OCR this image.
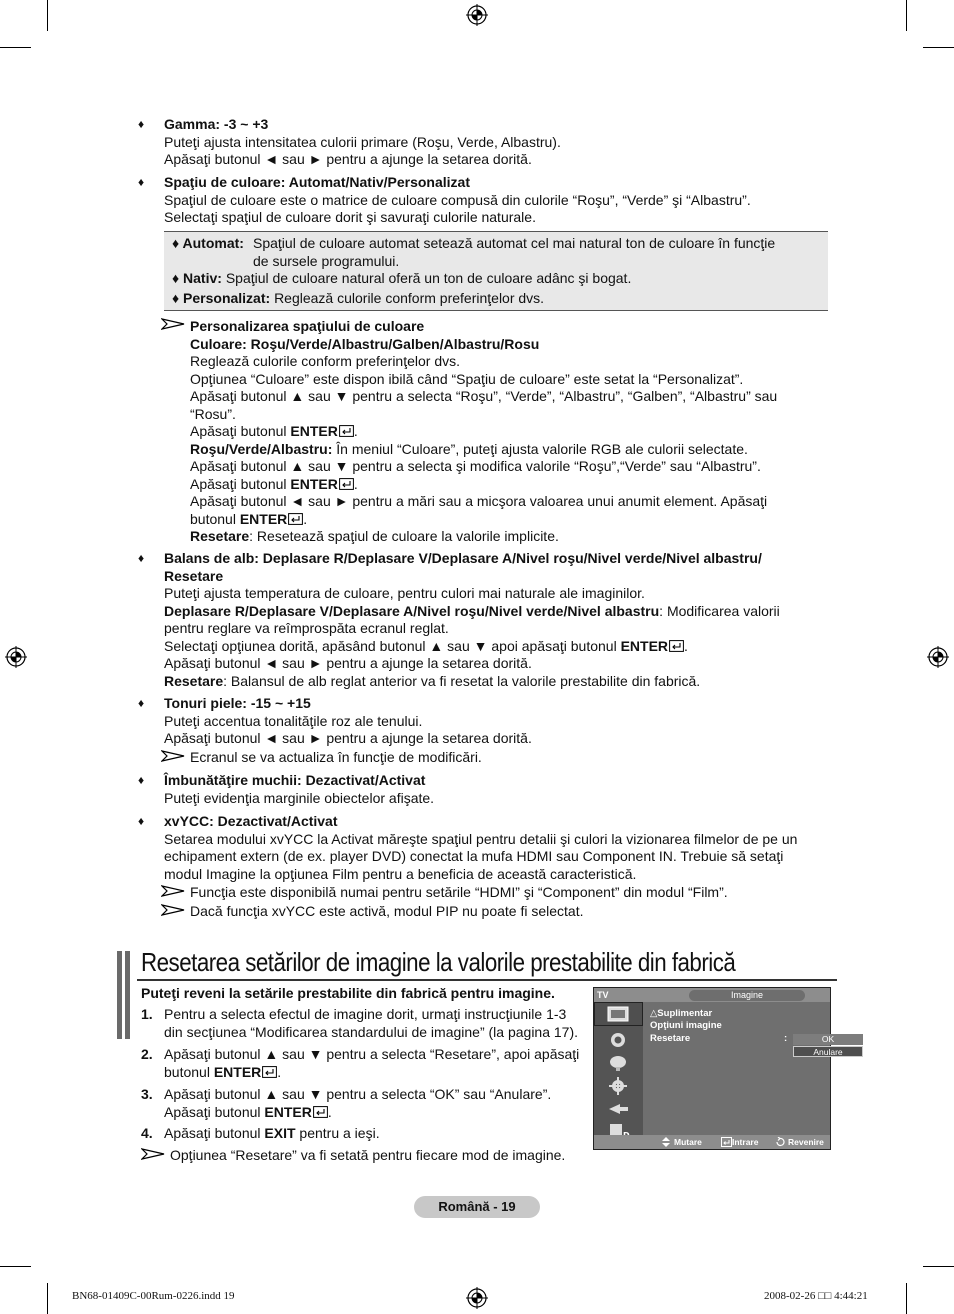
♦	Gamma: -3 ~ +3
Puteţi ajusta intensitatea culorii primare (Roşu, Verde, Albastru).
Apăsaţi butonul ◄ sau ► pentru a ajunge la setarea dorită.
♦	Spaţiu de culoare: Automat/Nativ/Personalizat
Spaţiul de culoare este o matrice de culoare compusă din culorile “Roşu”, “Verde” şi “Albastru”.
Selectaţi spaţiul de culoare dorit şi savuraţi culorile naturale.
♦ Automat: Spaţiul de culoare automat setează automat cel mai natural ton de culoare în funcţie
de sursele programului.
♦ Nativ: Spaţiul de culoare natural oferă un ton de culoare adânc şi bogat.
♦ Personalizat: Reglează culorile conform preferinţelor dvs.
Personalizarea spaţiului de culoare
Culoare: Roşu/Verde/Albastru/Galben/Albastru/Rosu
Reglează culorile conform preferinţelor dvs.
Opţiunea “Culoare” este dispon ibilă când “Spaţiu de culoare” este setat la “Personalizat”.
Apăsaţi butonul ▲ sau ▼ pentru a selecta “Roşu”, “Verde”, “Albastru”, “Galben”, “Albastru” sau
“Rosu”.
Apăsaţi butonul ENTER .
Roşu/Verde/Albastru: În meniul “Culoare”, puteţi ajusta valorile RGB ale culorii selectate.
Apăsaţi butonul ▲ sau ▼ pentru a selecta şi modifica valorile “Roşu”,“Verde” sau “Albastru”.
Apăsaţi butonul ENTER .
Apăsaţi butonul ◄ sau ► pentru a mări sau a micşora valoarea unui anumit element. Apăsaţi
butonul ENTER .
Resetare: Resetează spaţiul de culoare la valorile implicite.
♦	Balans de alb: Deplasare R/Deplasare V/Deplasare A/Nivel roşu/Nivel verde/Nivel albastru/
Resetare
Puteţi ajusta temperatura de culoare, pentru culori mai naturale ale imaginilor.
Deplasare R/Deplasare V/Deplasare A/Nivel roşu/Nivel verde/Nivel albastru: Modificarea valorii
pentru reglare va reîmprospăta ecranul reglat.
Selectaţi opţiunea dorită, apăsând butonul ▲ sau ▼ apoi apăsaţi butonul ENTER .
Apăsaţi butonul ◄ sau ► pentru a ajunge la setarea dorită.
Resetare: Balansul de alb reglat anterior va fi resetat la valorile prestabilite din fabrică.
♦	Tonuri piele: -15 ~ +15
Puteţi accentua tonalităţile roz ale tenului.
Apăsaţi butonul ◄ sau ► pentru a ajunge la setarea dorită.
Ecranul se va actualiza în funcţie de modificări.
♦	Îmbunătăţire muchii: Dezactivat/Activat
Puteţi evidenţia marginile obiectelor afişate.
♦	xvYCC: Dezactivat/Activat
Setarea modului xvYCC la Activat măreşte spaţiul pentru detalii şi culori la vizionarea filmelor de pe un
echipament extern (de ex. player DVD) conectat la mufa HDMI sau Component IN. Trebuie să setaţi
modul Imagine la opţiunea Film pentru a beneficia de această caracteristică.
Funcţia este disponibilă numai pentru setările “HDMI” şi “Component” din modul “Film”.
Dacă funcţia xvYCC este activă, modul PIP nu poate fi selectat.
Resetarea setărilor de imagine la valorile prestabilite din fabrică
Puteţi reveni la setările prestabilite din fabrică pentru imagine.
1. Pentru a selecta efectul de imagine dorit, urmaţi instrucţiunile 1-3
din secţiunea “Modificarea standardului de imagine” (la pagina 17).
2. Apăsaţi butonul ▲ sau ▼ pentru a selecta “Resetare”, apoi apăsaţi
butonul ENTER .
3. Apăsaţi butonul ▲ sau ▼ pentru a selecta “OK” sau “Anulare”.
Apăsaţi butonul ENTER .
4. Apăsaţi butonul EXIT pentru a ieşi.
Opţiunea “Resetare” va fi setată pentru fiecare mod de imagine.
TV	Imagine
△Suplimentar
Opţiuni imagine
Resetare	:	OK
Anulare
Mutare	Intrare	Revenire
Română - 19
BN68-01409C-00Rum-0226.indd 19	2008-02-26 □□ 4:44:21
